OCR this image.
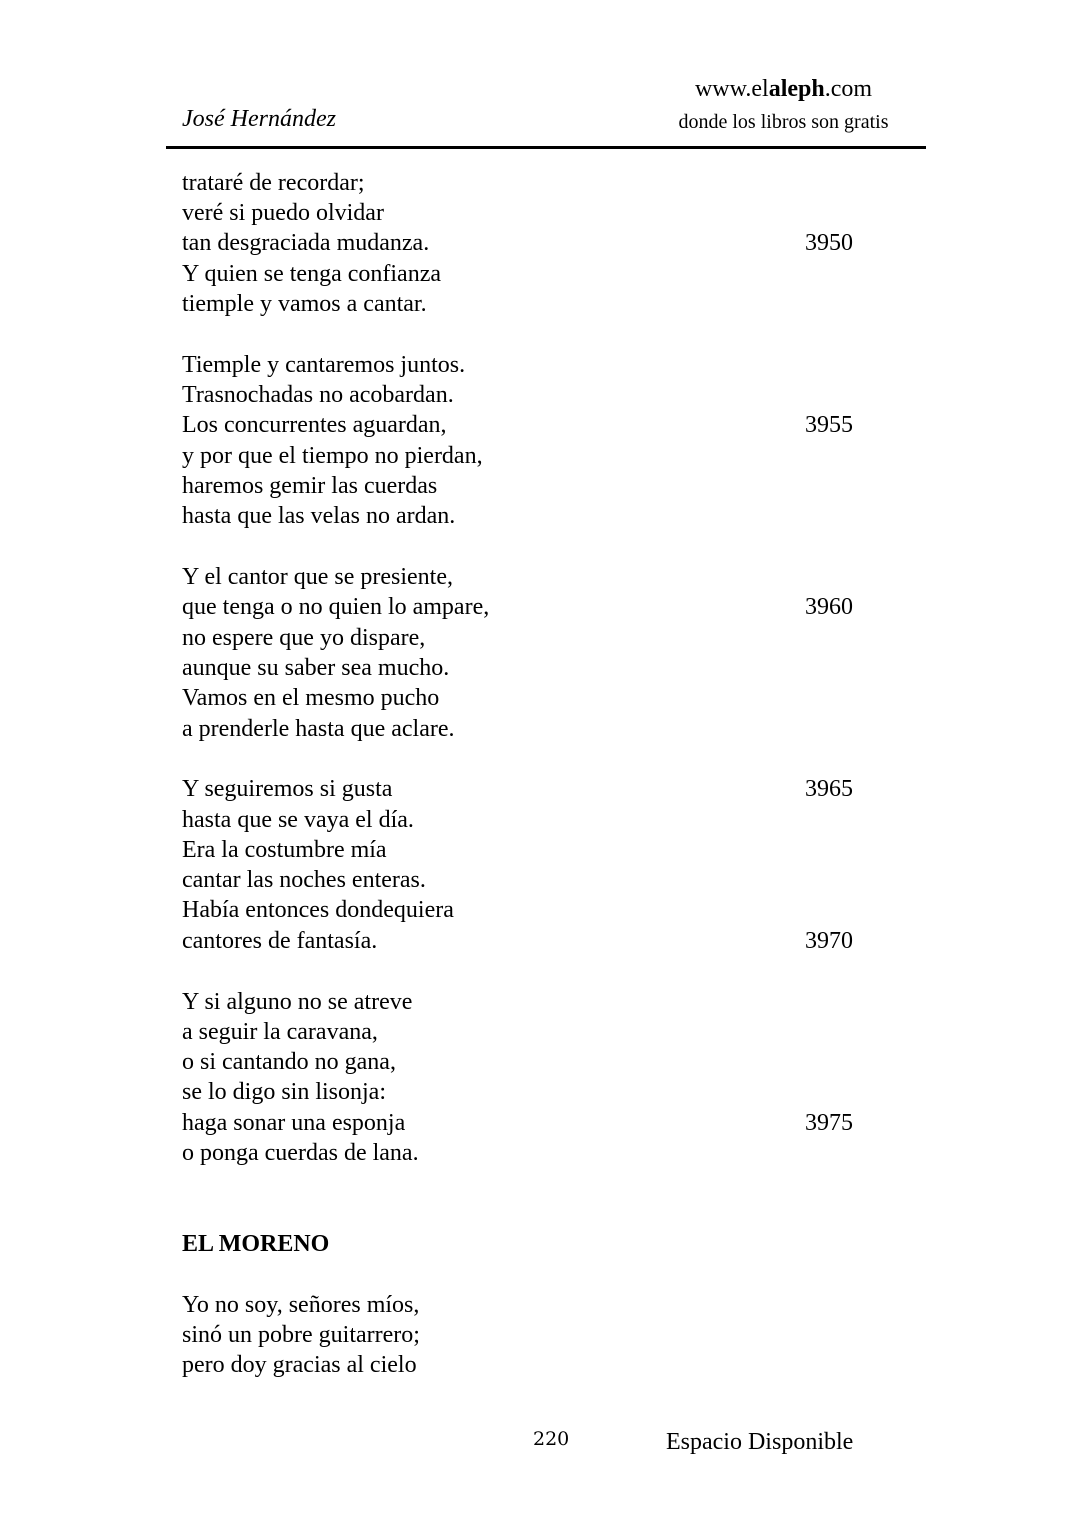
www.elaleph.com
donde los libros son gratis
José Hernández
trataré de recordar;
veré si puedo olvidar
tan desgraciada mudanza.
Y quien se tenga confianza
tiemple y vamos a cantar.
3950
Tiemple y cantaremos juntos.
Trasnochadas no acobardan.
Los concurrentes aguardan,
y por que el tiempo no pierdan,
haremos gemir las cuerdas
hasta que las velas no ardan.
3955
Y el cantor que se presiente,
que tenga o no quien lo ampare,
no espere que yo dispare,
aunque su saber sea mucho.
Vamos en el mesmo pucho
a prenderle hasta que aclare.
3960
Y seguiremos si gusta
hasta que se vaya el día.
Era la costumbre mía
cantar las noches enteras.
Había entonces dondequiera
cantores de fantasía.
3965
3970
Y si alguno no se atreve
a seguir la caravana,
o si cantando no gana,
se lo digo sin lisonja:
haga sonar una esponja
o ponga cuerdas de lana.
3975
EL MORENO
Yo no soy, señores míos,
sinó un pobre guitarrero;
pero doy gracias al cielo
220	Espacio Disponible
